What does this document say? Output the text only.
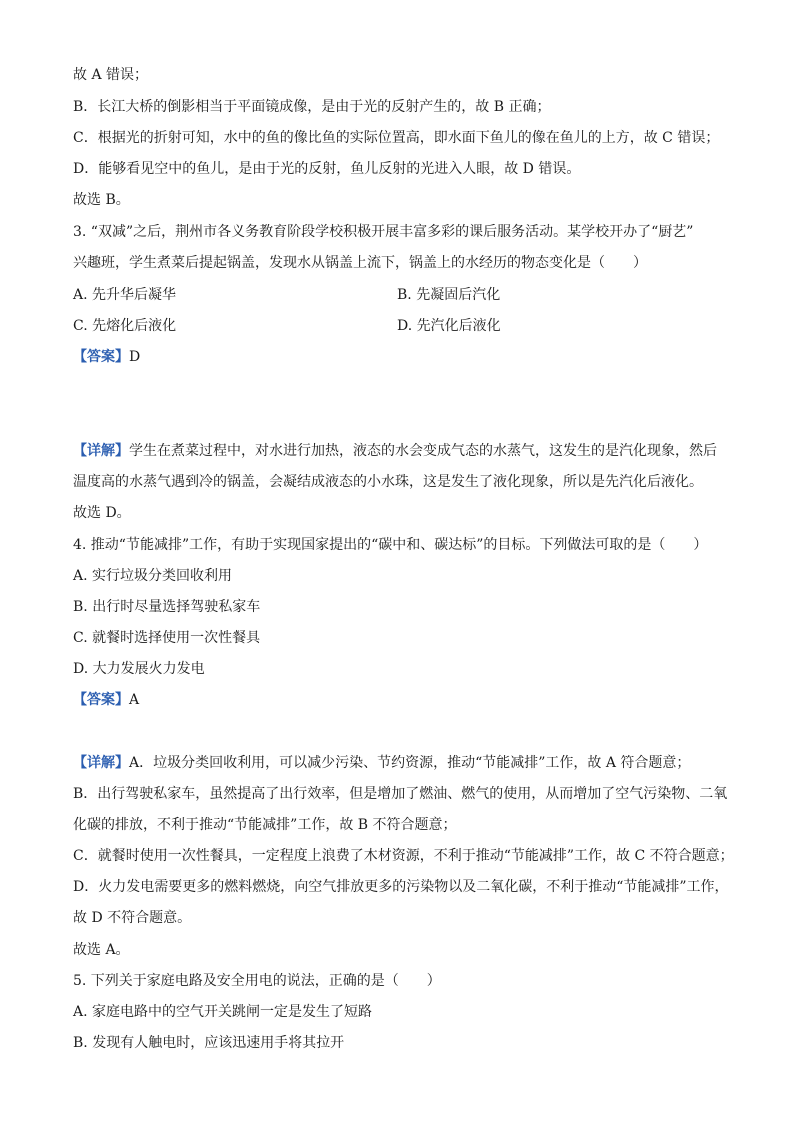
故 A 错误；
B．长江大桥的倒影相当于平面镜成像，是由于光的反射产生的，故 B 正确；
C．根据光的折射可知，水中的鱼的像比鱼的实际位置高，即水面下鱼儿的像在鱼儿的上方，故 C 错误；
D．能够看见空中的鱼儿，是由于光的反射，鱼儿反射的光进入人眼，故 D 错误。
故选 B。
3. “双减”之后，荆州市各义务教育阶段学校积极开展丰富多彩的课后服务活动。某学校开办了“厨艺”
兴趣班，学生煮菜后提起锅盖，发现水从锅盖上流下，锅盖上的水经历的物态变化是（　　）
A. 先升华后凝华	B. 先凝固后汽化
C. 先熔化后液化	D. 先汽化后液化
【答案】D
【详解】学生在煮菜过程中，对水进行加热，液态的水会变成气态的水蒸气，这发生的是汽化现象，然后
温度高的水蒸气遇到冷的锅盖，会凝结成液态的小水珠，这是发生了液化现象，所以是先汽化后液化。
故选 D。
4. 推动“节能减排”工作，有助于实现国家提出的“碳中和、碳达标”的目标。下列做法可取的是（　　）
A. 实行垃圾分类回收利用
B. 出行时尽量选择驾驶私家车
C. 就餐时选择使用一次性餐具
D. 大力发展火力发电
【答案】A
【详解】A．垃圾分类回收利用，可以减少污染、节约资源，推动“节能减排”工作，故 A 符合题意；
B．出行驾驶私家车，虽然提高了出行效率，但是增加了燃油、燃气的使用，从而增加了空气污染物、二氧
化碳的排放，不利于推动“节能减排”工作，故 B 不符合题意；
C．就餐时使用一次性餐具，一定程度上浪费了木材资源，不利于推动“节能减排”工作，故 C 不符合题意；
D．火力发电需要更多的燃料燃烧，向空气排放更多的污染物以及二氧化碳，不利于推动“节能减排”工作，
故 D 不符合题意。
故选 A。
5. 下列关于家庭电路及安全用电的说法，正确的是（　　）
A. 家庭电路中的空气开关跳闸一定是发生了短路
B. 发现有人触电时，应该迅速用手将其拉开
